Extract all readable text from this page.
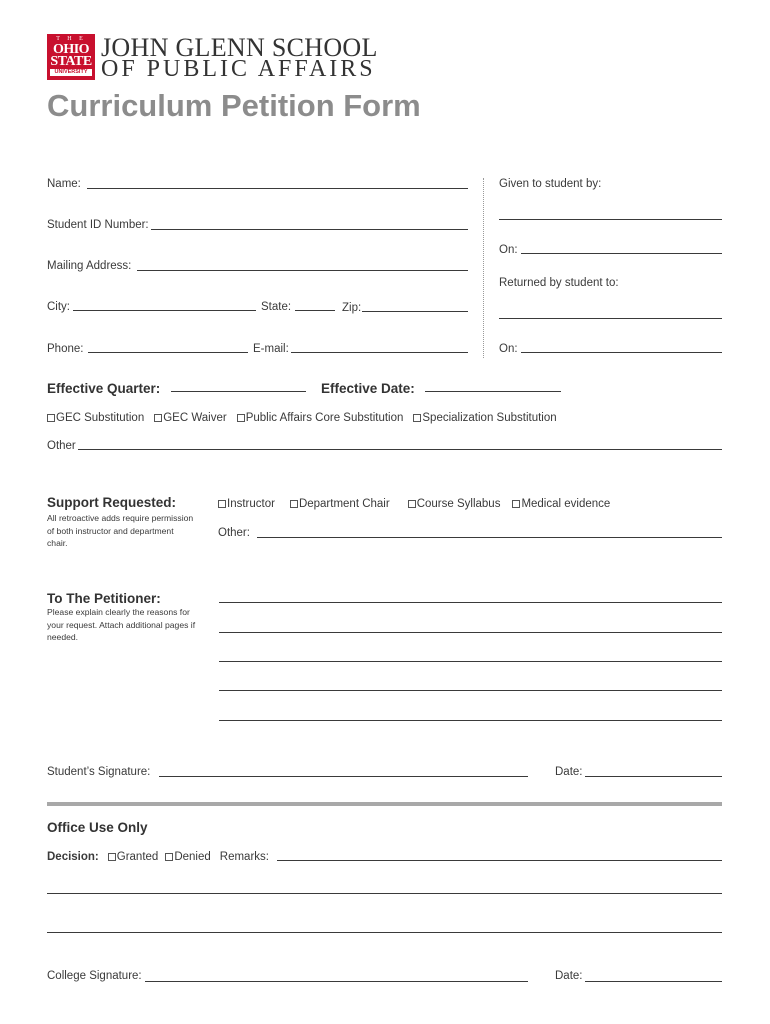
T H E
OHIO
STATE
UNIVERSITY
JOHN GLENN SCHOOL
OF PUBLIC AFFAIRS
Curriculum Petition Form
Name:
Student ID Number:
Mailing Address:
City:	State:	Zip:
Phone:	E-mail:
Given to student by:
On:
Returned by student to:
On:
Effective Quarter:	Effective Date:
GEC Substitution GEC Waiver Public Affairs Core Substitution Specialization Substitution
Other
Support Requested:
All retroactive adds require permission of both instructor and department chair.
Instructor Department Chair Course Syllabus Medical evidence
Other:
To The Petitioner:
Please explain clearly the reasons for your request. Attach additional pages if needed.
Student’s Signature:	Date:
Office Use Only
Decision: Granted Denied Remarks:
College Signature:	Date:
